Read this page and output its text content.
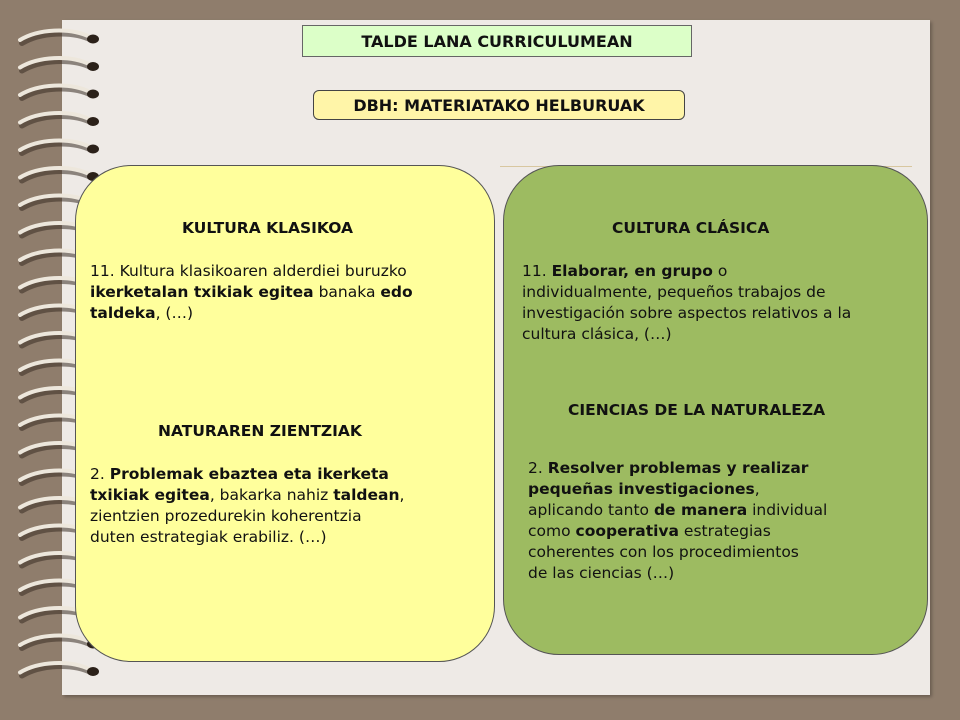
TALDE LANA CURRICULUMEAN
DBH: MATERIATAKO HELBURUAK
KULTURA KLASIKOA
11. Kultura klasikoaren alderdiei buruzko
ikerketalan txikiak egitea banaka edo
taldeka, (…)
NATURAREN ZIENTZIAK
2. Problemak ebaztea eta ikerketa
txikiak egitea, bakarka nahiz taldean,
zientzien prozedurekin koherentzia
duten estrategiak erabiliz. (…)
CULTURA CLÁSICA
11. Elaborar, en grupo o
individualmente, pequeños trabajos de
investigación sobre aspectos relativos a la
cultura clásica, (…)
CIENCIAS DE LA NATURALEZA
2. Resolver problemas y realizar
pequeñas investigaciones,
aplicando tanto de manera individual
como cooperativa estrategias
coherentes con los procedimientos
de las ciencias (…)
